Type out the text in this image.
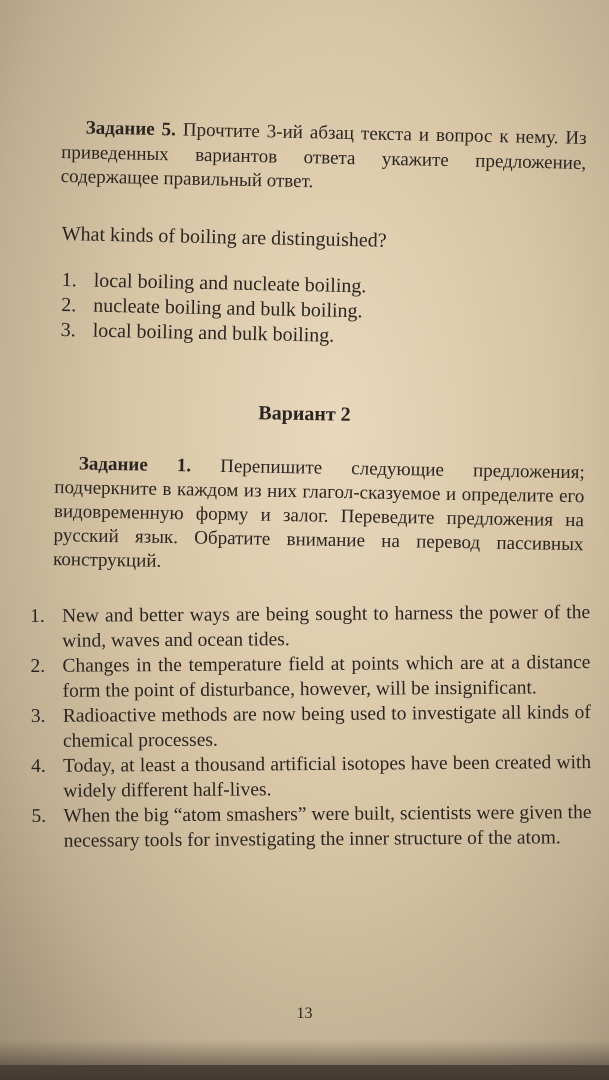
Задание 5. Прочтите 3-ий абзац текста и вопрос к нему. Из приведенных вариантов ответа укажите предложение, содержащее правильный ответ.
What kinds of boiling are distinguished?
1. local boiling and nucleate boiling.
2. nucleate boiling and bulk boiling.
3. local boiling and bulk boiling.
Вариант 2
Задание 1. Перепишите следующие предложения; подчеркните в каждом из них глагол-сказуемое и определите его видовременную форму и залог. Переведите предложения на русский язык. Обратите внимание на перевод пассивных конструкций.
1. New and better ways are being sought to harness the power of the wind, waves and ocean tides.
2. Changes in the temperature field at points which are at a distance form the point of disturbance, however, will be insignificant.
3. Radioactive methods are now being used to investigate all kinds of chemical processes.
4. Today, at least a thousand artificial isotopes have been created with widely different half-lives.
5. When the big “atom smashers” were built, scientists were given the necessary tools for investigating the inner structure of the atom.
13
